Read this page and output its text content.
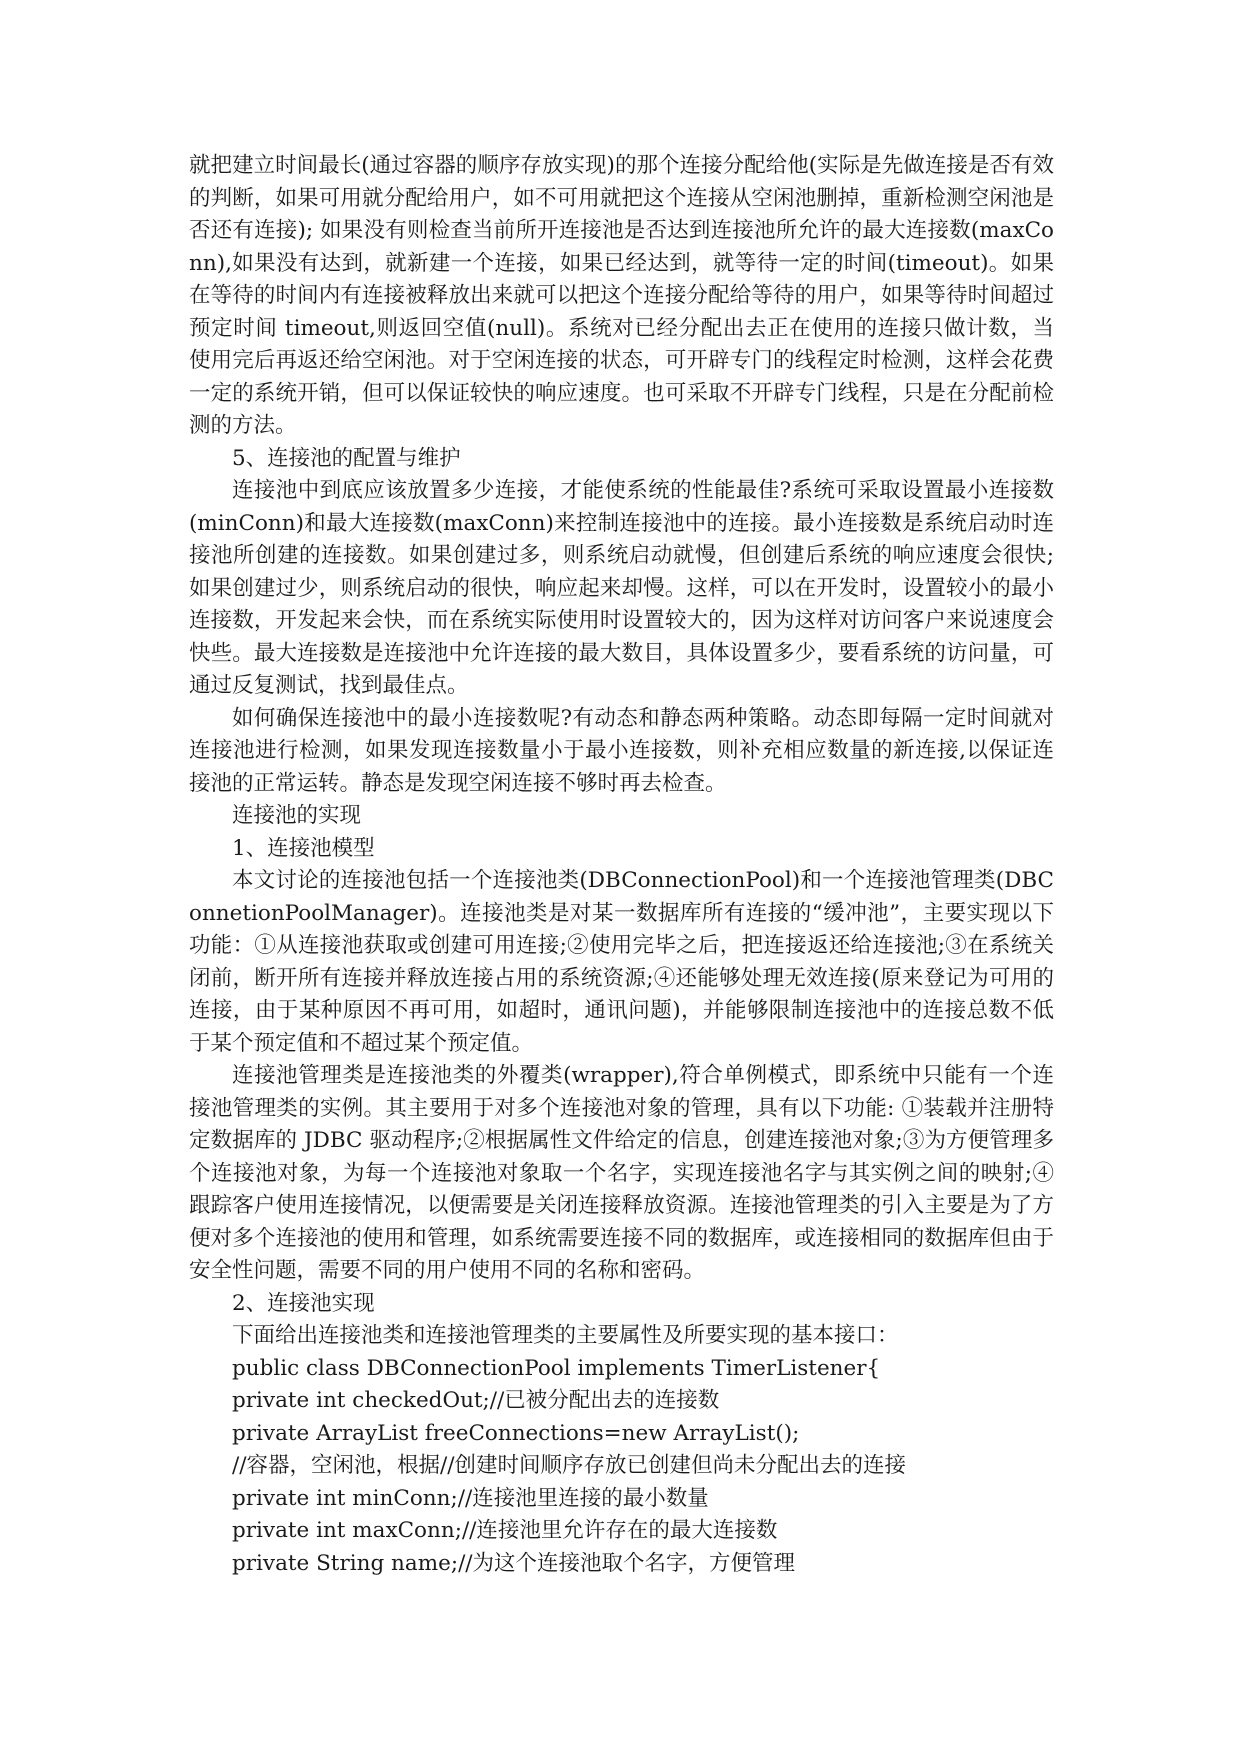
就把建立时间最长(通过容器的顺序存放实现)的那个连接分配给他(实际是先做连接是否有效的判断，如果可用就分配给用户，如不可用就把这个连接从空闲池删掉，重新检测空闲池是否还有连接); 如果没有则检查当前所开连接池是否达到连接池所允许的最大连接数(maxConn),如果没有达到，就新建一个连接，如果已经达到，就等待一定的时间(timeout)。如果在等待的时间内有连接被释放出来就可以把这个连接分配给等待的用户，如果等待时间超过预定时间 timeout,则返回空值(null)。系统对已经分配出去正在使用的连接只做计数，当使用完后再返还给空闲池。对于空闲连接的状态，可开辟专门的线程定时检测，这样会花费一定的系统开销，但可以保证较快的响应速度。也可采取不开辟专门线程，只是在分配前检测的方法。

5、连接池的配置与维护

连接池中到底应该放置多少连接，才能使系统的性能最佳?系统可采取设置最小连接数(minConn)和最大连接数(maxConn)来控制连接池中的连接。最小连接数是系统启动时连接池所创建的连接数。如果创建过多，则系统启动就慢，但创建后系统的响应速度会很快;如果创建过少，则系统启动的很快，响应起来却慢。这样，可以在开发时，设置较小的最小连接数，开发起来会快，而在系统实际使用时设置较大的，因为这样对访问客户来说速度会快些。最大连接数是连接池中允许连接的最大数目，具体设置多少，要看系统的访问量，可通过反复测试，找到最佳点。

如何确保连接池中的最小连接数呢?有动态和静态两种策略。动态即每隔一定时间就对连接池进行检测，如果发现连接数量小于最小连接数，则补充相应数量的新连接,以保证连接池的正常运转。静态是发现空闲连接不够时再去检查。

连接池的实现

1、连接池模型

本文讨论的连接池包括一个连接池类(DBConnectionPool)和一个连接池管理类(DBConnetionPoolManager)。连接池类是对某一数据库所有连接的“缓冲池”，主要实现以下功能：①从连接池获取或创建可用连接;②使用完毕之后，把连接返还给连接池;③在系统关闭前，断开所有连接并释放连接占用的系统资源;④还能够处理无效连接(原来登记为可用的连接，由于某种原因不再可用，如超时，通讯问题)，并能够限制连接池中的连接总数不低于某个预定值和不超过某个预定值。

连接池管理类是连接池类的外覆类(wrapper),符合单例模式，即系统中只能有一个连接池管理类的实例。其主要用于对多个连接池对象的管理，具有以下功能: ①装载并注册特定数据库的 JDBC 驱动程序;②根据属性文件给定的信息，创建连接池对象;③为方便管理多个连接池对象，为每一个连接池对象取一个名字，实现连接池名字与其实例之间的映射;④跟踪客户使用连接情况，以便需要是关闭连接释放资源。连接池管理类的引入主要是为了方便对多个连接池的使用和管理，如系统需要连接不同的数据库，或连接相同的数据库但由于安全性问题，需要不同的用户使用不同的名称和密码。

2、连接池实现

下面给出连接池类和连接池管理类的主要属性及所要实现的基本接口：

public class DBConnectionPool implements TimerListener{

private int checkedOut;//已被分配出去的连接数

private ArrayList freeConnections=new ArrayList();

//容器，空闲池，根据//创建时间顺序存放已创建但尚未分配出去的连接

private int minConn;//连接池里连接的最小数量

private int maxConn;//连接池里允许存在的最大连接数

private String name;//为这个连接池取个名字，方便管理
